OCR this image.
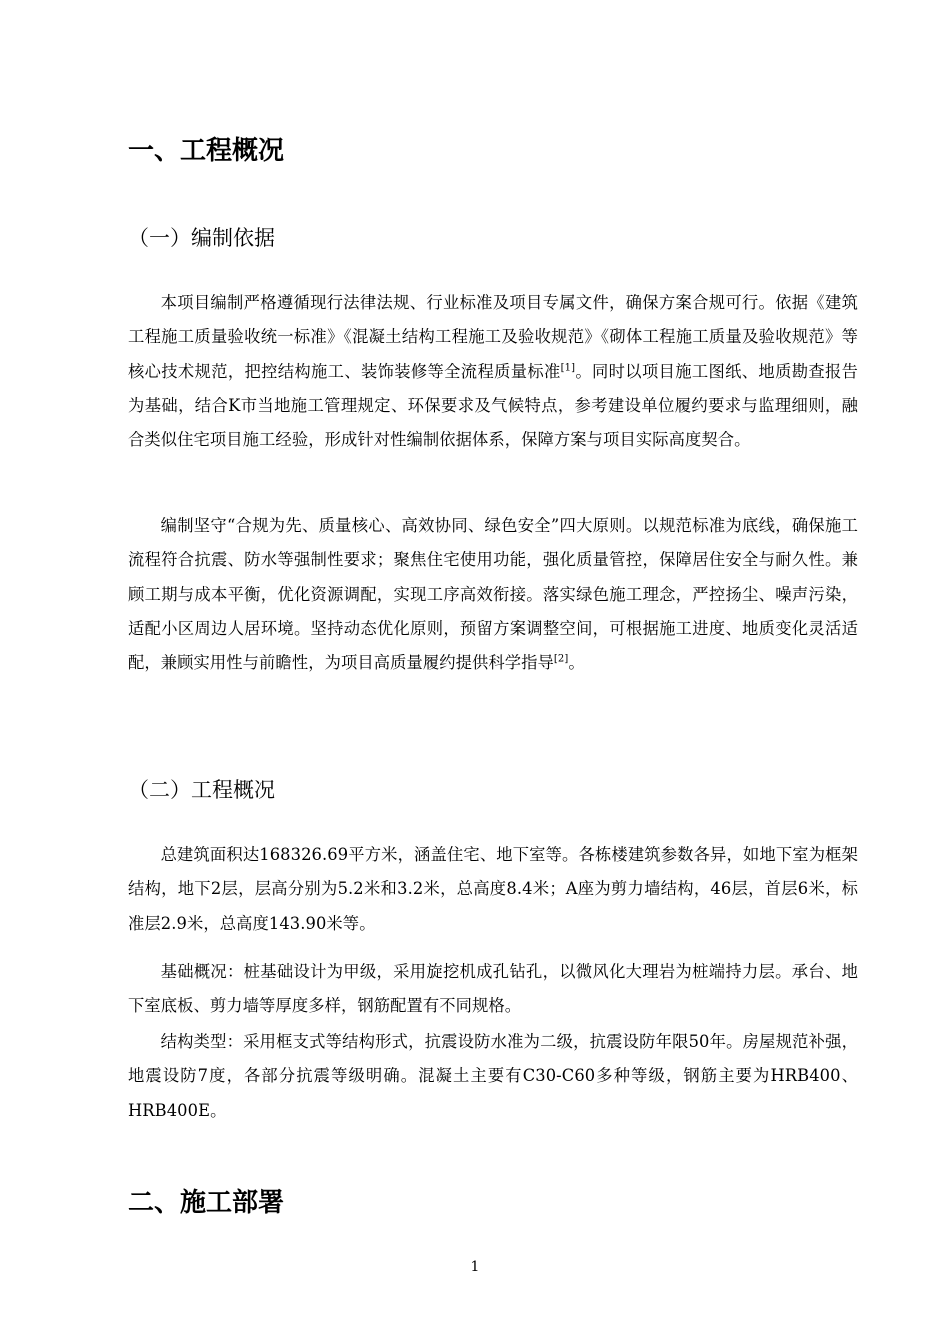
一、工程概况
（一）编制依据

本项目编制严格遵循现行法律法规、行业标准及项目专属文件，确保方案合规可行。依据《建筑工程施工质量验收统一标准》《混凝土结构工程施工及验收规范》《砌体工程施工质量及验收规范》等核心技术规范，把控结构施工、装饰装修等全流程质量标准[1]。同时以项目施工图纸、地质勘查报告为基础，结合K市当地施工管理规定、环保要求及气候特点，参考建设单位履约要求与监理细则，融合类似住宅项目施工经验，形成针对性编制依据体系，保障方案与项目实际高度契合。

编制坚守“合规为先、质量核心、高效协同、绿色安全”四大原则。以规范标准为底线，确保施工流程符合抗震、防水等强制性要求；聚焦住宅使用功能，强化质量管控，保障居住安全与耐久性。兼顾工期与成本平衡，优化资源调配，实现工序高效衔接。落实绿色施工理念，严控扬尘、噪声污染，适配小区周边人居环境。坚持动态优化原则，预留方案调整空间，可根据施工进度、地质变化灵活适配，兼顾实用性与前瞻性，为项目高质量履约提供科学指导[2]。

（二）工程概况

总建筑面积达168326.69平方米，涵盖住宅、地下室等。各栋楼建筑参数各异，如地下室为框架结构，地下2层，层高分别为5.2米和3.2米，总高度8.4米；A座为剪力墙结构，46层，首层6米，标准层2.9米，总高度143.90米等。

基础概况：桩基础设计为甲级，采用旋挖机成孔钻孔，以微风化大理岩为桩端持力层。承台、地下室底板、剪力墙等厚度多样，钢筋配置有不同规格。

结构类型：采用框支式等结构形式，抗震设防水准为二级，抗震设防年限50年。房屋规范补强，地震设防7度，各部分抗震等级明确。混凝土主要有C30-C60多种等级，钢筋主要为HRB400、HRB400E。

二、施工部署
1
